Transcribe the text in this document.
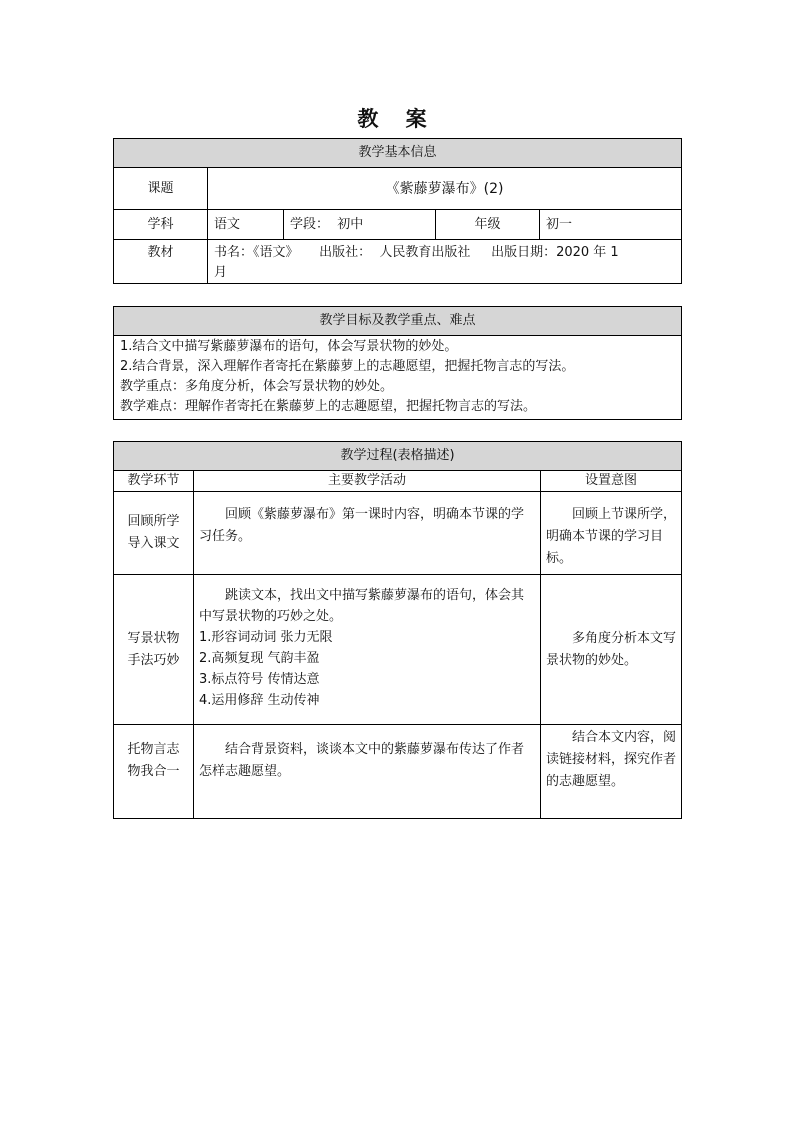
教 案
教学基本信息				
课题	《紫藤萝瀑布》(2)			
学科	语文	学段： 初中	年级	初一
教材	书名：《语文》     出版社：  人民教育出版社     出版日期：2020 年 1
月			
教学目标及教学重点、难点

1.结合文中描写紫藤萝瀑布的语句，体会写景状物的妙处。
2.结合背景，深入理解作者寄托在紫藤萝上的志趣愿望，把握托物言志的写法。
教学重点：多角度分析，体会写景状物的妙处。
教学难点：理解作者寄托在紫藤萝上的志趣愿望，把握托物言志的写法。
教学过程(表格描述)		
教学环节	主要教学活动	设置意图

回顾所学
导入课文	回顾《紫藤萝瀑布》第一课时内容，明确本节课的学习任务。	回顾上节课所学，明确本节课的学习目标。

写景状物
手法巧妙	跳读文本，找出文中描写紫藤萝瀑布的语句，体会其中写景状物的巧妙之处。
1.形容词动词 张力无限
2.高频复现 气韵丰盈
3.标点符号 传情达意
4.运用修辞 生动传神	多角度分析本文写景状物的妙处。

托物言志
物我合一	结合背景资料，谈谈本文中的紫藤萝瀑布传达了作者怎样志趣愿望。	结合本文内容，阅读链接材料，探究作者的志趣愿望。
